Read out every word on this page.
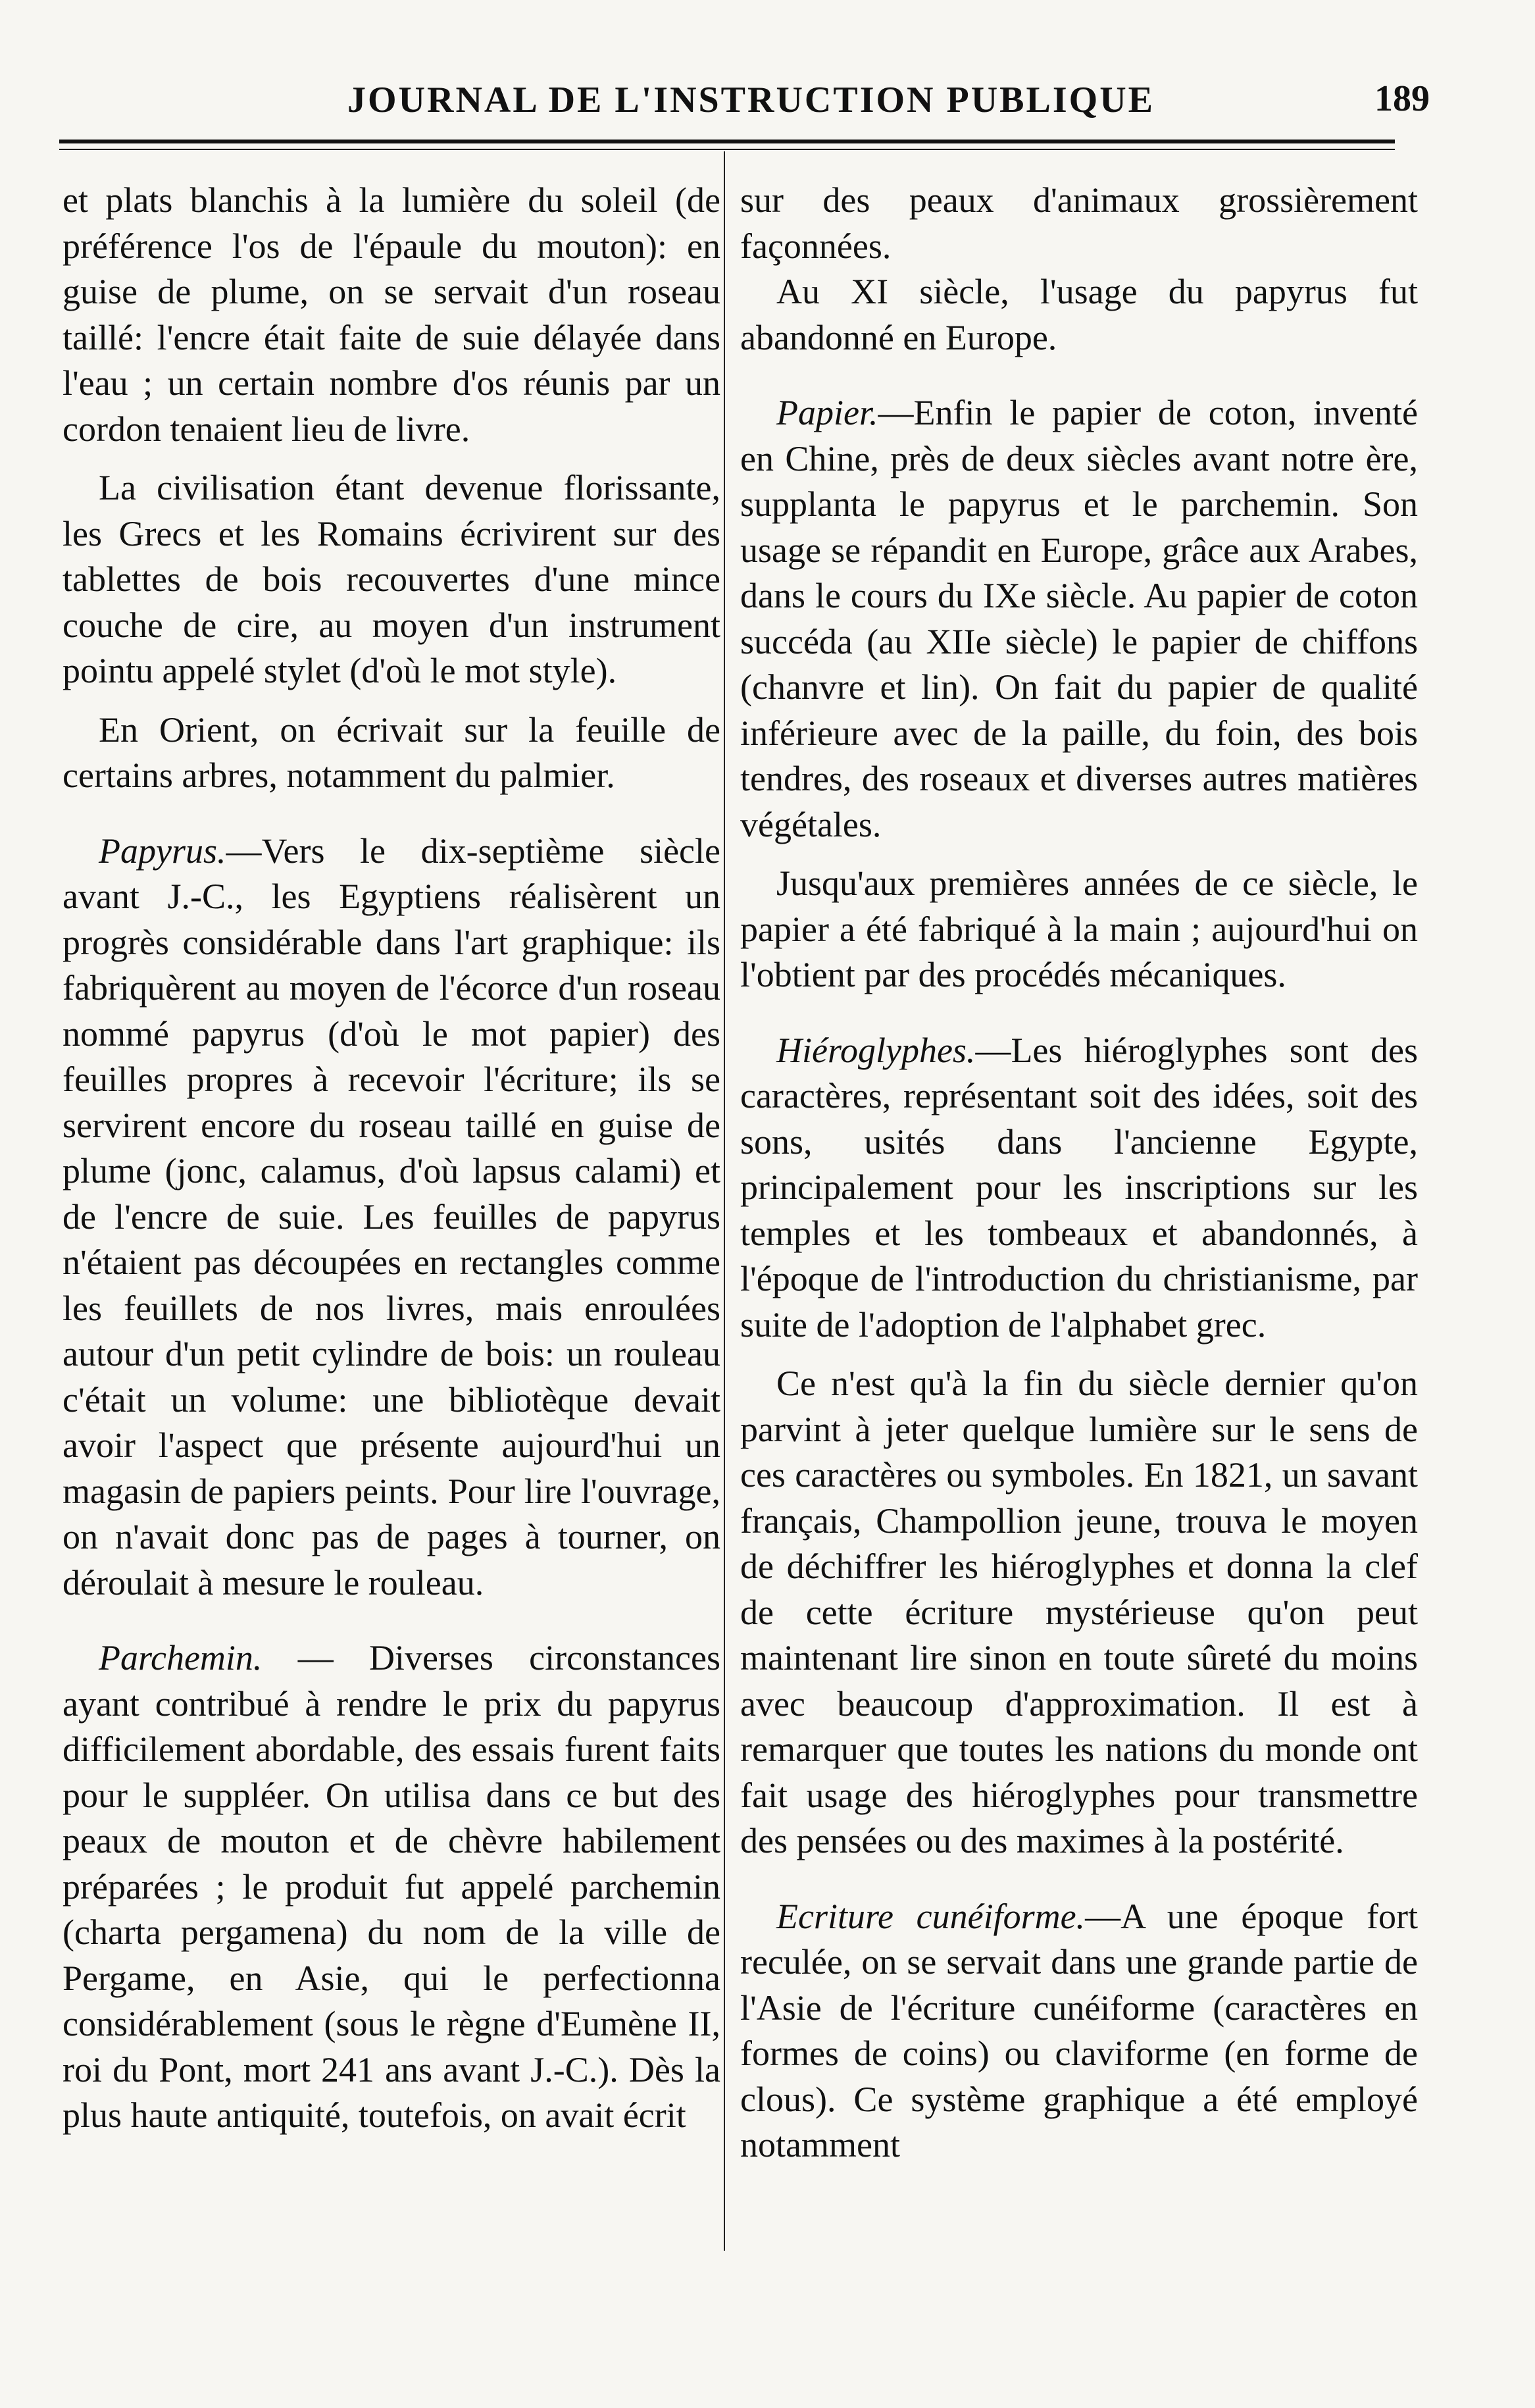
JOURNAL DE L'INSTRUCTION PUBLIQUE	189

et plats blanchis à la lumière du soleil (de préférence l'os de l'épaule du mouton): en guise de plume, on se servait d'un roseau taillé: l'encre était faite de suie délayée dans l'eau ; un certain nombre d'os réunis par un cordon tenaient lieu de livre.

La civilisation étant devenue florissante, les Grecs et les Romains écrivirent sur des tablettes de bois recouvertes d'une mince couche de cire, au moyen d'un instrument pointu appelé stylet (d'où le mot style).

En Orient, on écrivait sur la feuille de certains arbres, notamment du palmier.

Papyrus.—Vers le dix-septième siècle avant J.-C., les Egyptiens réalisèrent un progrès considérable dans l'art graphique: ils fabriquèrent au moyen de l'écorce d'un roseau nommé papyrus (d'où le mot papier) des feuilles propres à recevoir l'écriture; ils se servirent encore du roseau taillé en guise de plume (jonc, calamus, d'où lapsus calami) et de l'encre de suie. Les feuilles de papyrus n'étaient pas découpées en rectangles comme les feuillets de nos livres, mais enroulées autour d'un petit cylindre de bois: un rouleau c'était un volume: une bibliotèque devait avoir l'aspect que présente aujourd'hui un magasin de papiers peints. Pour lire l'ouvrage, on n'avait donc pas de pages à tourner, on déroulait à mesure le rouleau.

Parchemin. — Diverses circonstances ayant contribué à rendre le prix du papyrus difficilement abordable, des essais furent faits pour le suppléer. On utilisa dans ce but des peaux de mouton et de chèvre habilement préparées ; le produit fut appelé parchemin (charta pergamena) du nom de la ville de Pergame, en Asie, qui le perfectionna considérablement (sous le règne d'Eumène II, roi du Pont, mort 241 ans avant J.-C.). Dès la plus haute antiquité, toutefois, on avait écrit

sur des peaux d'animaux grossièrement façonnées.

Au XI siècle, l'usage du papyrus fut abandonné en Europe.

Papier.—Enfin le papier de coton, inventé en Chine, près de deux siècles avant notre ère, supplanta le papyrus et le parchemin. Son usage se répandit en Europe, grâce aux Arabes, dans le cours du IXe siècle. Au papier de coton succéda (au XIIe siècle) le papier de chiffons (chanvre et lin). On fait du papier de qualité inférieure avec de la paille, du foin, des bois tendres, des roseaux et diverses autres matières végétales.

Jusqu'aux premières années de ce siècle, le papier a été fabriqué à la main ; aujourd'hui on l'obtient par des procédés mécaniques.

Hiéroglyphes.—Les hiéroglyphes sont des caractères, représentant soit des idées, soit des sons, usités dans l'ancienne Egypte, principalement pour les inscriptions sur les temples et les tombeaux et abandonnés, à l'époque de l'introduction du christianisme, par suite de l'adoption de l'alphabet grec.

Ce n'est qu'à la fin du siècle dernier qu'on parvint à jeter quelque lumière sur le sens de ces caractères ou symboles. En 1821, un savant français, Champollion jeune, trouva le moyen de déchiffrer les hiéroglyphes et donna la clef de cette écriture mystérieuse qu'on peut maintenant lire sinon en toute sûreté du moins avec beaucoup d'approximation. Il est à remarquer que toutes les nations du monde ont fait usage des hiéroglyphes pour transmettre des pensées ou des maximes à la postérité.

Ecriture cunéiforme.—A une époque fort reculée, on se servait dans une grande partie de l'Asie de l'écriture cunéiforme (caractères en formes de coins) ou claviforme (en forme de clous). Ce système graphique a été employé notamment
